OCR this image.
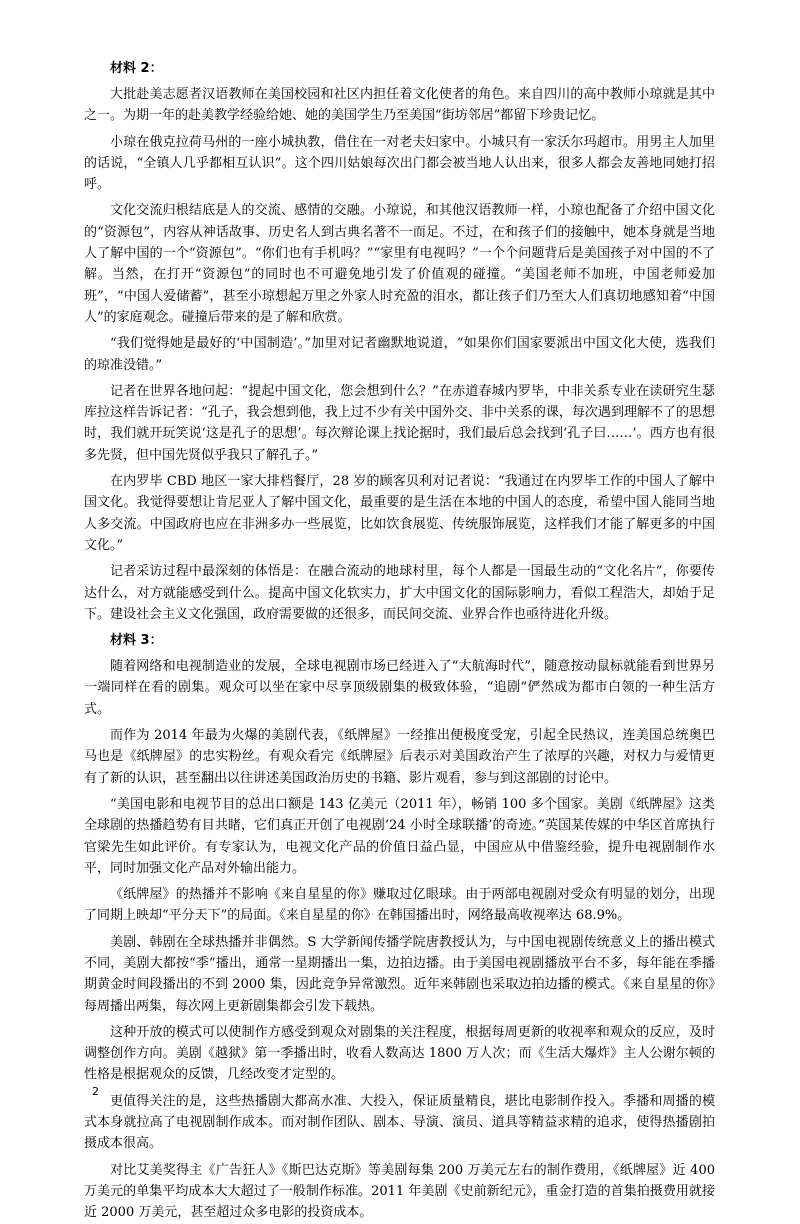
材料 2：

大批赴美志愿者汉语教师在美国校园和社区内担任着文化使者的角色。来自四川的高中教师小琼就是其中之一。为期一年的赴美教学经验给她、她的美国学生乃至美国“街坊邻居”都留下珍贵记忆。

小琼在俄克拉荷马州的一座小城执教，借住在一对老夫妇家中。小城只有一家沃尔玛超市。用男主人加里的话说，“全镇人几乎都相互认识”。这个四川姑娘每次出门都会被当地人认出来，很多人都会友善地同她打招呼。

文化交流归根结底是人的交流、感情的交融。小琼说，和其他汉语教师一样，小琼也配备了介绍中国文化的“资源包”，内容从神话故事、历史名人到古典名著不一而足。不过，在和孩子们的接触中，她本身就是当地人了解中国的一个“资源包”。“你们也有手机吗？”“家里有电视吗？”一个个问题背后是美国孩子对中国的不了解。当然，在打开“资源包”的同时也不可避免地引发了价值观的碰撞。“美国老师不加班，中国老师爱加班”，“中国人爱储蓄”，甚至小琼想起万里之外家人时充盈的泪水，都让孩子们乃至大人们真切地感知着“中国人”的家庭观念。碰撞后带来的是了解和欣赏。

“我们觉得她是最好的‘中国制造’。”加里对记者幽默地说道，“如果你们国家要派出中国文化大使，选我们的琼准没错。”

记者在世界各地问起：“提起中国文化，您会想到什么？”在赤道春城内罗毕，中非关系专业在读研究生瑟库拉这样告诉记者：“孔子，我会想到他，我上过不少有关中国外交、非中关系的课，每次遇到理解不了的思想时，我们就开玩笑说‘这是孔子的思想’。每次辩论课上找论据时，我们最后总会找到‘孔子曰……’。西方也有很多先贤，但中国先贤似乎我只了解孔子。”

在内罗毕 CBD 地区一家大排档餐厅，28 岁的顾客贝利对记者说：“我通过在内罗毕工作的中国人了解中国文化。我觉得要想让肯尼亚人了解中国文化，最重要的是生活在本地的中国人的态度，希望中国人能同当地人多交流。中国政府也应在非洲多办一些展览，比如饮食展览、传统服饰展览，这样我们才能了解更多的中国文化。”

记者采访过程中最深刻的体悟是：在融合流动的地球村里，每个人都是一国最生动的“文化名片”，你要传达什么，对方就能感受到什么。提高中国文化软实力，扩大中国文化的国际影响力，看似工程浩大，却始于足下。建设社会主义文化强国，政府需要做的还很多，而民间交流、业界合作也亟待进化升级。

材料 3：

随着网络和电视制造业的发展，全球电视剧市场已经进入了“大航海时代”，随意按动鼠标就能看到世界另一端同样在看的剧集。观众可以坐在家中尽享顶级剧集的极致体验，“追剧”俨然成为都市白领的一种生活方式。

而作为 2014 年最为火爆的美剧代表，《纸牌屋》一经推出便极度受宠，引起全民热议，连美国总统奥巴马也是《纸牌屋》的忠实粉丝。有观众看完《纸牌屋》后表示对美国政治产生了浓厚的兴趣，对权力与爱情更有了新的认识，甚至翻出以往讲述美国政治历史的书籍、影片观看，参与到这部剧的讨论中。

“美国电影和电视节目的总出口额是 143 亿美元（2011 年），畅销 100 多个国家。美剧《纸牌屋》这类全球剧的热播趋势有目共睹，它们真正开创了电视剧‘24 小时全球联播’的奇迹。”英国某传媒的中华区首席执行官梁先生如此评价。有专家认为，电视文化产品的价值日益凸显，中国应从中借鉴经验，提升电视剧制作水平，同时加强文化产品对外输出能力。

《纸牌屋》的热播并不影响《来自星星的你》赚取过亿眼球。由于两部电视剧对受众有明显的划分，出现了同期上映却“平分天下”的局面。《来自星星的你》在韩国播出时，网络最高收视率达 68.9%。

美剧、韩剧在全球热播并非偶然。S 大学新闻传播学院唐教授认为，与中国电视剧传统意义上的播出模式不同，美剧大都按“季”播出，通常一星期播出一集，边拍边播。由于美国电视剧播放平台不多，每年能在季播期黄金时间段播出的不到 2000 集，因此竞争异常激烈。近年来韩剧也采取边拍边播的模式。《来自星星的你》每周播出两集，每次网上更新剧集都会引发下载热。

这种开放的模式可以使制作方感受到观众对剧集的关注程度，根据每周更新的收视率和观众的反应，及时调整创作方向。美剧《越狱》第一季播出时，收看人数高达 1800 万人次；而《生活大爆炸》主人公谢尔顿的性格是根据观众的反馈，几经改变才定型的。

更值得关注的是，这些热播剧大都高水准、大投入，保证质量精良，堪比电影制作投入。季播和周播的模式本身就拉高了电视剧制作成本。而对制作团队、剧本、导演、演员、道具等精益求精的追求，使得热播剧拍摄成本很高。

对比艾美奖得主《广告狂人》《斯巴达克斯》等美剧每集 200 万美元左右的制作费用，《纸牌屋》近 400 万美元的单集平均成本大大超过了一般制作标准。2011 年美剧《史前新纪元》，重金打造的首集拍摄费用就接近 2000 万美元，甚至超过众多电影的投资成本。

2
